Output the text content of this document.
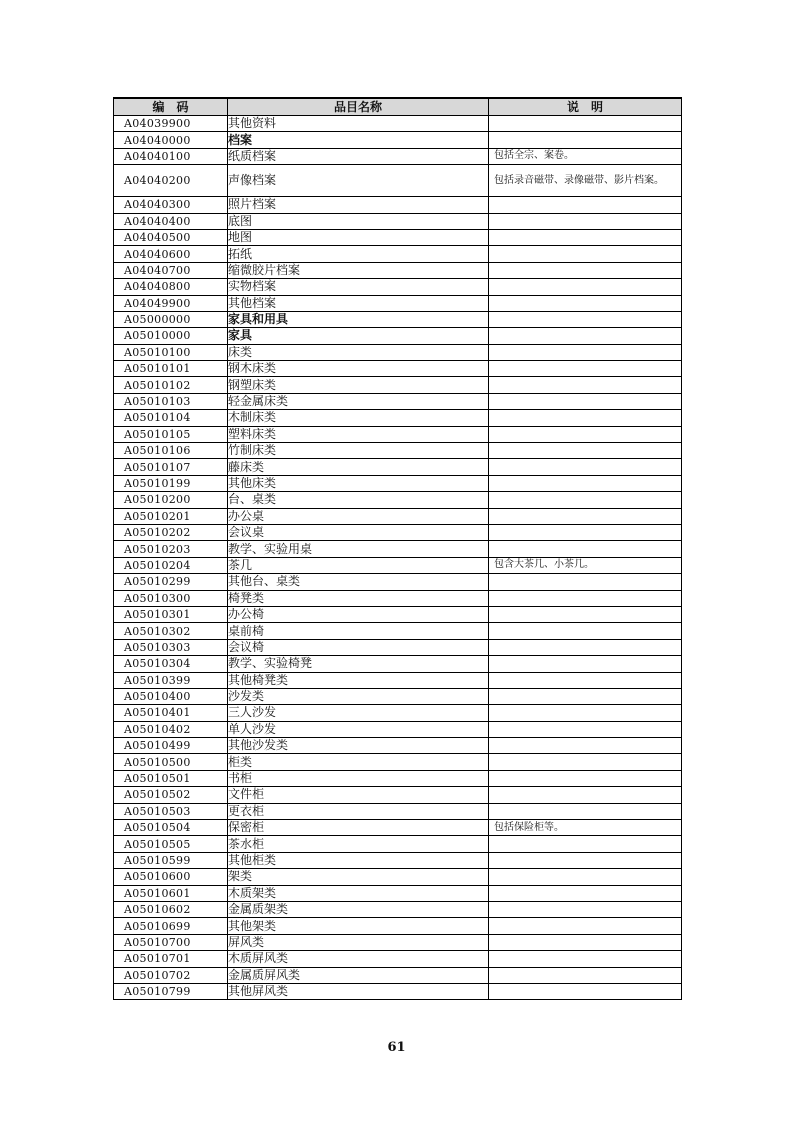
编　码	品目名称	说　明
A04039900	其他资料	
A04040000	档案	
A04040100	纸质档案	包括全宗、案卷。
A04040200	声像档案	包括录音磁带、录像磁带、影片档案。
A04040300	照片档案	
A04040400	底图	
A04040500	地图	
A04040600	拓纸	
A04040700	缩微胶片档案	
A04040800	实物档案	
A04049900	其他档案	
A05000000	家具和用具	
A05010000	家具	
A05010100	床类	
A05010101	钢木床类	
A05010102	钢塑床类	
A05010103	轻金属床类	
A05010104	木制床类	
A05010105	塑料床类	
A05010106	竹制床类	
A05010107	藤床类	
A05010199	其他床类	
A05010200	台、桌类	
A05010201	办公桌	
A05010202	会议桌	
A05010203	教学、实验用桌	
A05010204	茶几	包含大茶几、小茶几。
A05010299	其他台、桌类	
A05010300	椅凳类	
A05010301	办公椅	
A05010302	桌前椅	
A05010303	会议椅	
A05010304	教学、实验椅凳	
A05010399	其他椅凳类	
A05010400	沙发类	
A05010401	三人沙发	
A05010402	单人沙发	
A05010499	其他沙发类	
A05010500	柜类	
A05010501	书柜	
A05010502	文件柜	
A05010503	更衣柜	
A05010504	保密柜	包括保险柜等。
A05010505	茶水柜	
A05010599	其他柜类	
A05010600	架类	
A05010601	木质架类	
A05010602	金属质架类	
A05010699	其他架类	
A05010700	屏风类	
A05010701	木质屏风类	
A05010702	金属质屏风类	
A05010799	其他屏风类	
61
